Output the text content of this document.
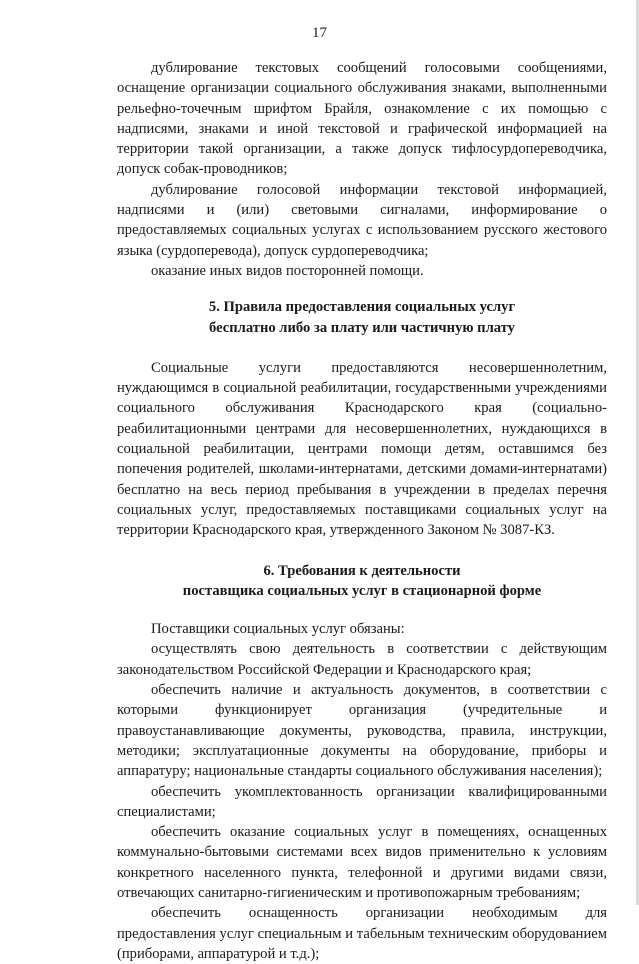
17

дублирование текстовых сообщений голосовыми сообщениями, оснащение организации социального обслуживания знаками, выполненными рельефно-точечным шрифтом Брайля, ознакомление с их помощью с надписями, знаками и иной текстовой и графической информацией на территории такой организации, а также допуск тифлосурдопереводчика, допуск собак-проводников;

дублирование голосовой информации текстовой информацией, надписями и (или) световыми сигналами, информирование о предоставляемых социальных услугах с использованием русского жестового языка (сурдоперевода), допуск сурдопереводчика;

оказание иных видов посторонней помощи.

5. Правила предоставления социальных услуг
бесплатно либо за плату или частичную плату

Социальные услуги предоставляются несовершеннолетним, нуждающимся в социальной реабилитации, государственными учреждениями социального обслуживания Краснодарского края (социально-реабилитационными центрами для несовершеннолетних, нуждающихся в социальной реабилитации, центрами помощи детям, оставшимся без попечения родителей, школами-интернатами, детскими домами-интернатами) бесплатно на весь период пребывания в учреждении в пределах перечня социальных услуг, предоставляемых поставщиками социальных услуг на территории Краснодарского края, утвержденного Законом № 3087-КЗ.

6. Требования к деятельности
поставщика социальных услуг в стационарной форме

Поставщики социальных услуг обязаны:

осуществлять свою деятельность в соответствии с действующим законодательством Российской Федерации и Краснодарского края;

обеспечить наличие и актуальность документов, в соответствии с которыми функционирует организация (учредительные и правоустанавливающие документы, руководства, правила, инструкции, методики; эксплуатационные документы на оборудование, приборы и аппаратуру; национальные стандарты социального обслуживания населения);

обеспечить укомплектованность организации квалифицированными специалистами;

обеспечить оказание социальных услуг в помещениях, оснащенных коммунально-бытовыми системами всех видов применительно к условиям конкретного населенного пункта, телефонной и другими видами связи, отвечающих санитарно-гигиеническим и противопожарным требованиям;

обеспечить оснащенность организации необходимым для предоставления услуг специальным и табельным техническим оборудованием (приборами, аппаратурой и т.д.);
